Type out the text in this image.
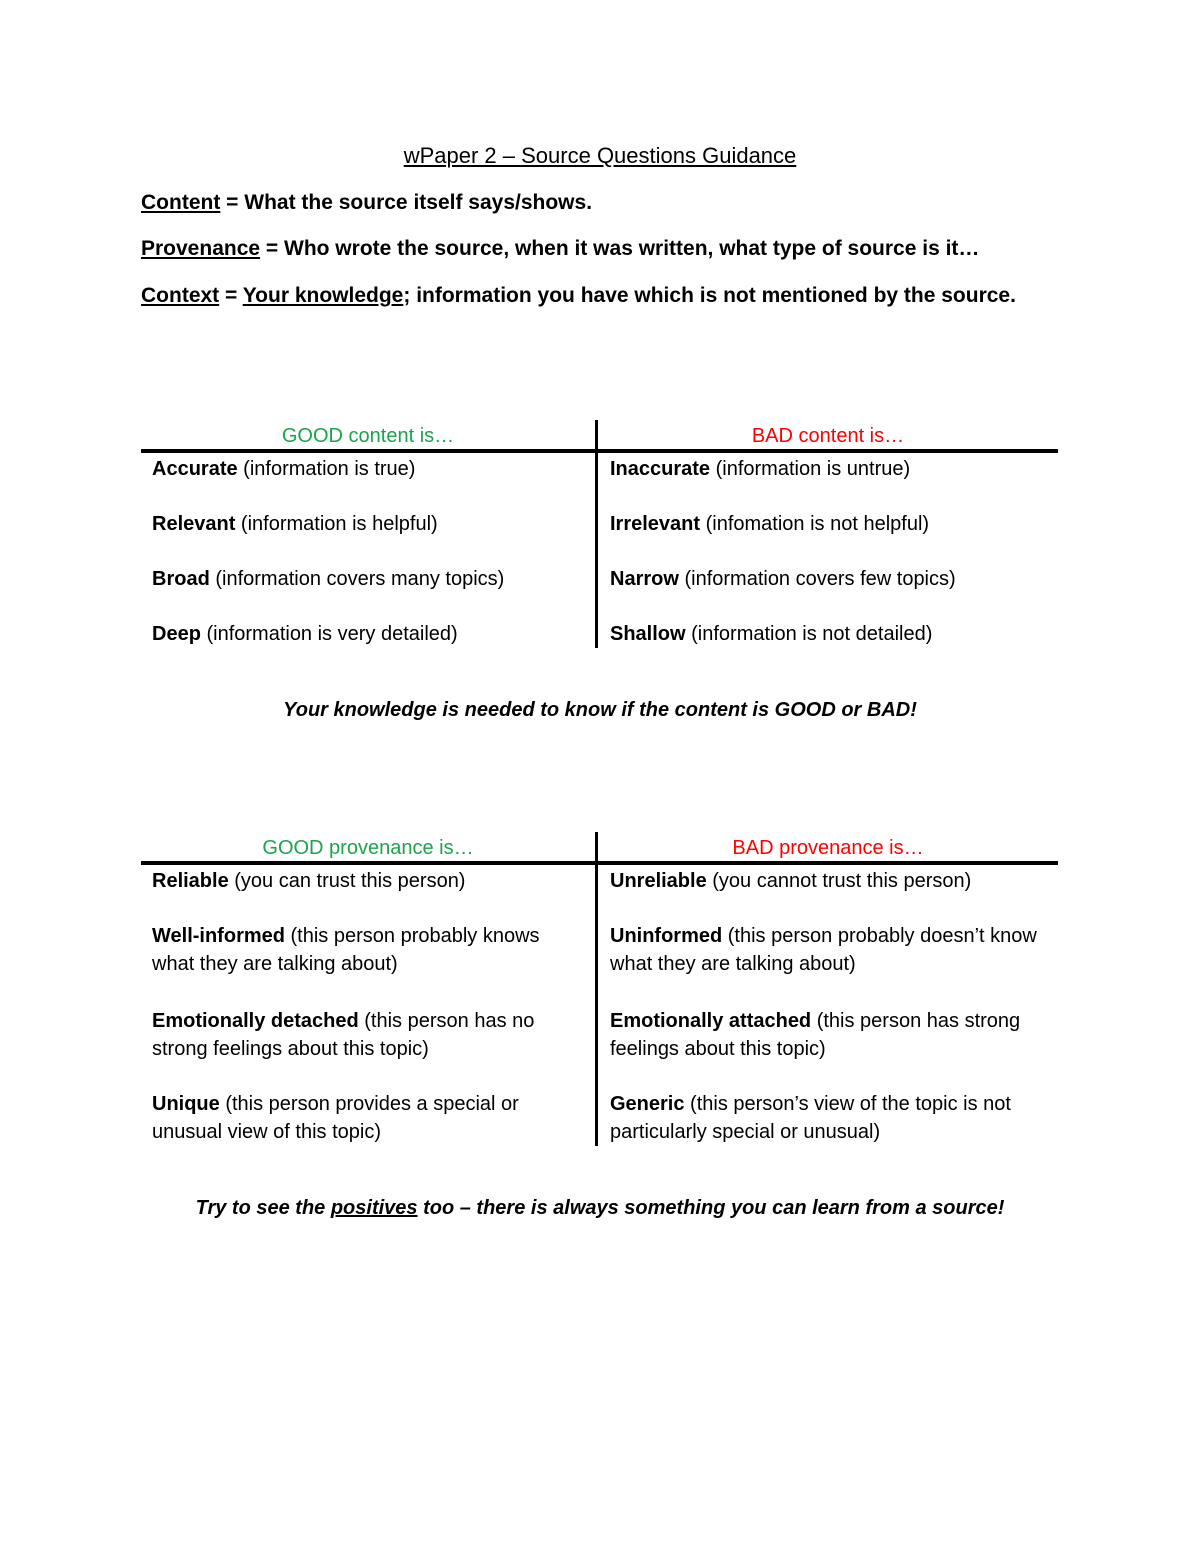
wPaper 2 – Source Questions Guidance
Content = What the source itself says/shows.
Provenance = Who wrote the source, when it was written, what type of source is it…
Context = Your knowledge; information you have which is not mentioned by the source.
GOOD content is…	BAD content is…
Accurate (information is true)
Relevant (information is helpful)
Broad (information covers many topics)
Deep (information is very detailed)
Inaccurate (information is untrue)
Irrelevant (infomation is not helpful)
Narrow (information covers few topics)
Shallow (information is not detailed)
Your knowledge is needed to know if the content is GOOD or BAD!
GOOD provenance is…	BAD provenance is…
Reliable (you can trust this person)
Well-informed (this person probably knows what they are talking about)
Emotionally detached (this person has no strong feelings about this topic)
Unique (this person provides a special or unusual view of this topic)
Unreliable (you cannot trust this person)
Uninformed (this person probably doesn’t know what they are talking about)
Emotionally attached (this person has strong feelings about this topic)
Generic (this person’s view of the topic is not particularly special or unusual)
Try to see the positives too – there is always something you can learn from a source!
